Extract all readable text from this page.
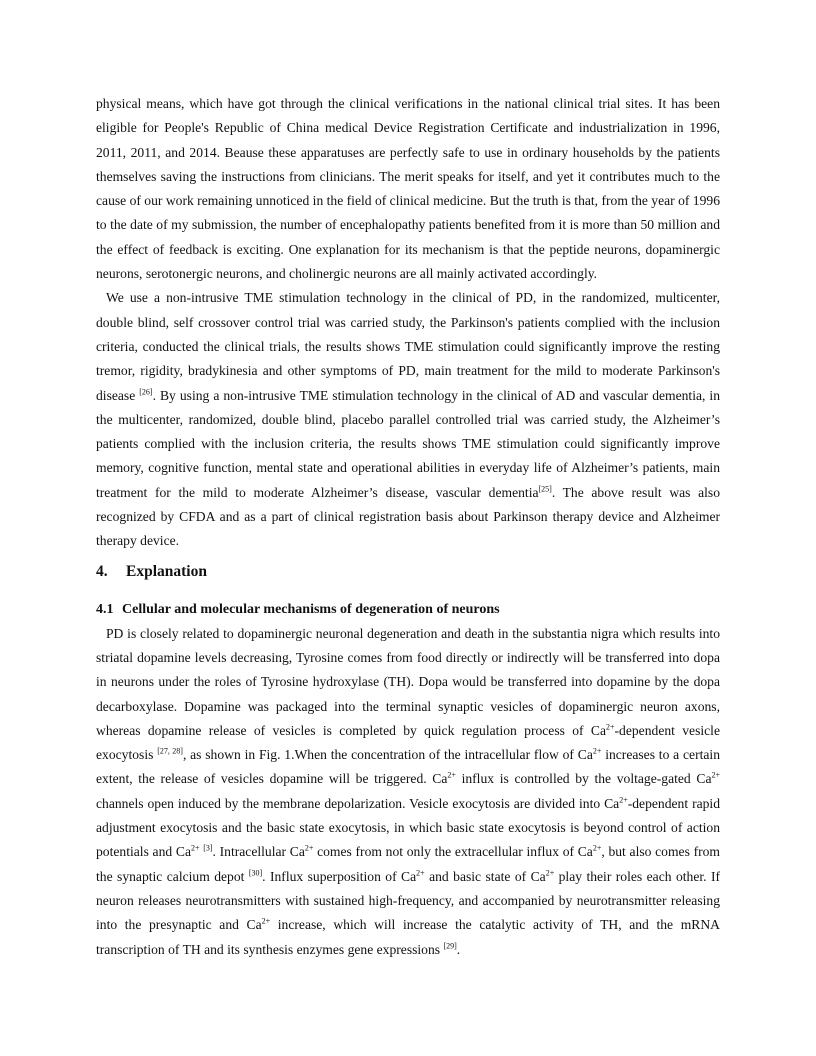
physical means, which have got through the clinical verifications in the national clinical trial sites. It has been eligible for People's Republic of China medical Device Registration Certificate and industrialization in 1996, 2011, 2011, and 2014. Beause these apparatuses are perfectly safe to use in ordinary households by the patients themselves saving the instructions from clinicians. The merit speaks for itself, and yet it contributes much to the cause of our work remaining unnoticed in the field of clinical medicine. But the truth is that, from the year of 1996 to the date of my submission, the number of encephalopathy patients benefited from it is more than 50 million and the effect of feedback is exciting. One explanation for its mechanism is that the peptide neurons, dopaminergic neurons, serotonergic neurons, and cholinergic neurons are all mainly activated accordingly.

We use a non-intrusive TME stimulation technology in the clinical of PD, in the randomized, multicenter, double blind, self crossover control trial was carried study, the Parkinson's patients complied with the inclusion criteria, conducted the clinical trials, the results shows TME stimulation could significantly improve the resting tremor, rigidity, bradykinesia and other symptoms of PD, main treatment for the mild to moderate Parkinson's disease [26]. By using a non-intrusive TME stimulation technology in the clinical of AD and vascular dementia, in the multicenter, randomized, double blind, placebo parallel controlled trial was carried study, the Alzheimer’s patients complied with the inclusion criteria, the results shows TME stimulation could significantly improve memory, cognitive function, mental state and operational abilities in everyday life of Alzheimer’s patients, main treatment for the mild to moderate Alzheimer’s disease, vascular dementia[25]. The above result was also recognized by CFDA and as a part of clinical registration basis about Parkinson therapy device and Alzheimer therapy device.

4. Explanation
4.1 Cellular and molecular mechanisms of degeneration of neurons

PD is closely related to dopaminergic neuronal degeneration and death in the substantia nigra which results into striatal dopamine levels decreasing, Tyrosine comes from food directly or indirectly will be transferred into dopa in neurons under the roles of Tyrosine hydroxylase (TH). Dopa would be transferred into dopamine by the dopa decarboxylase. Dopamine was packaged into the terminal synaptic vesicles of dopaminergic neuron axons, whereas dopamine release of vesicles is completed by quick regulation process of $Ca^{2+}$-dependent vesicle exocytosis [27, 28], as shown in Fig. 1.When the concentration of the intracellular flow of $Ca^{2+}$ increases to a certain extent, the release of vesicles dopamine will be triggered. $Ca^{2+}$ influx is controlled by the voltage-gated $Ca^{2+}$ channels open induced by the membrane depolarization. Vesicle exocytosis are divided into $Ca^{2+}$-dependent rapid adjustment exocytosis and the basic state exocytosis, in which basic state exocytosis is beyond control of action potentials and $Ca^{2+}$ [3]. Intracellular $Ca^{2+}$ comes from not only the extracellular influx of $Ca^{2+}$, but also comes from the synaptic calcium depot [30]. Influx superposition of $Ca^{2+}$ and basic state of $Ca^{2+}$ play their roles each other. If neuron releases neurotransmitters with sustained high-frequency, and accompanied by neurotransmitter releasing into the presynaptic and $Ca^{2+}$ increase, which will increase the catalytic activity of TH, and the mRNA transcription of TH and its synthesis enzymes gene expressions [29].
